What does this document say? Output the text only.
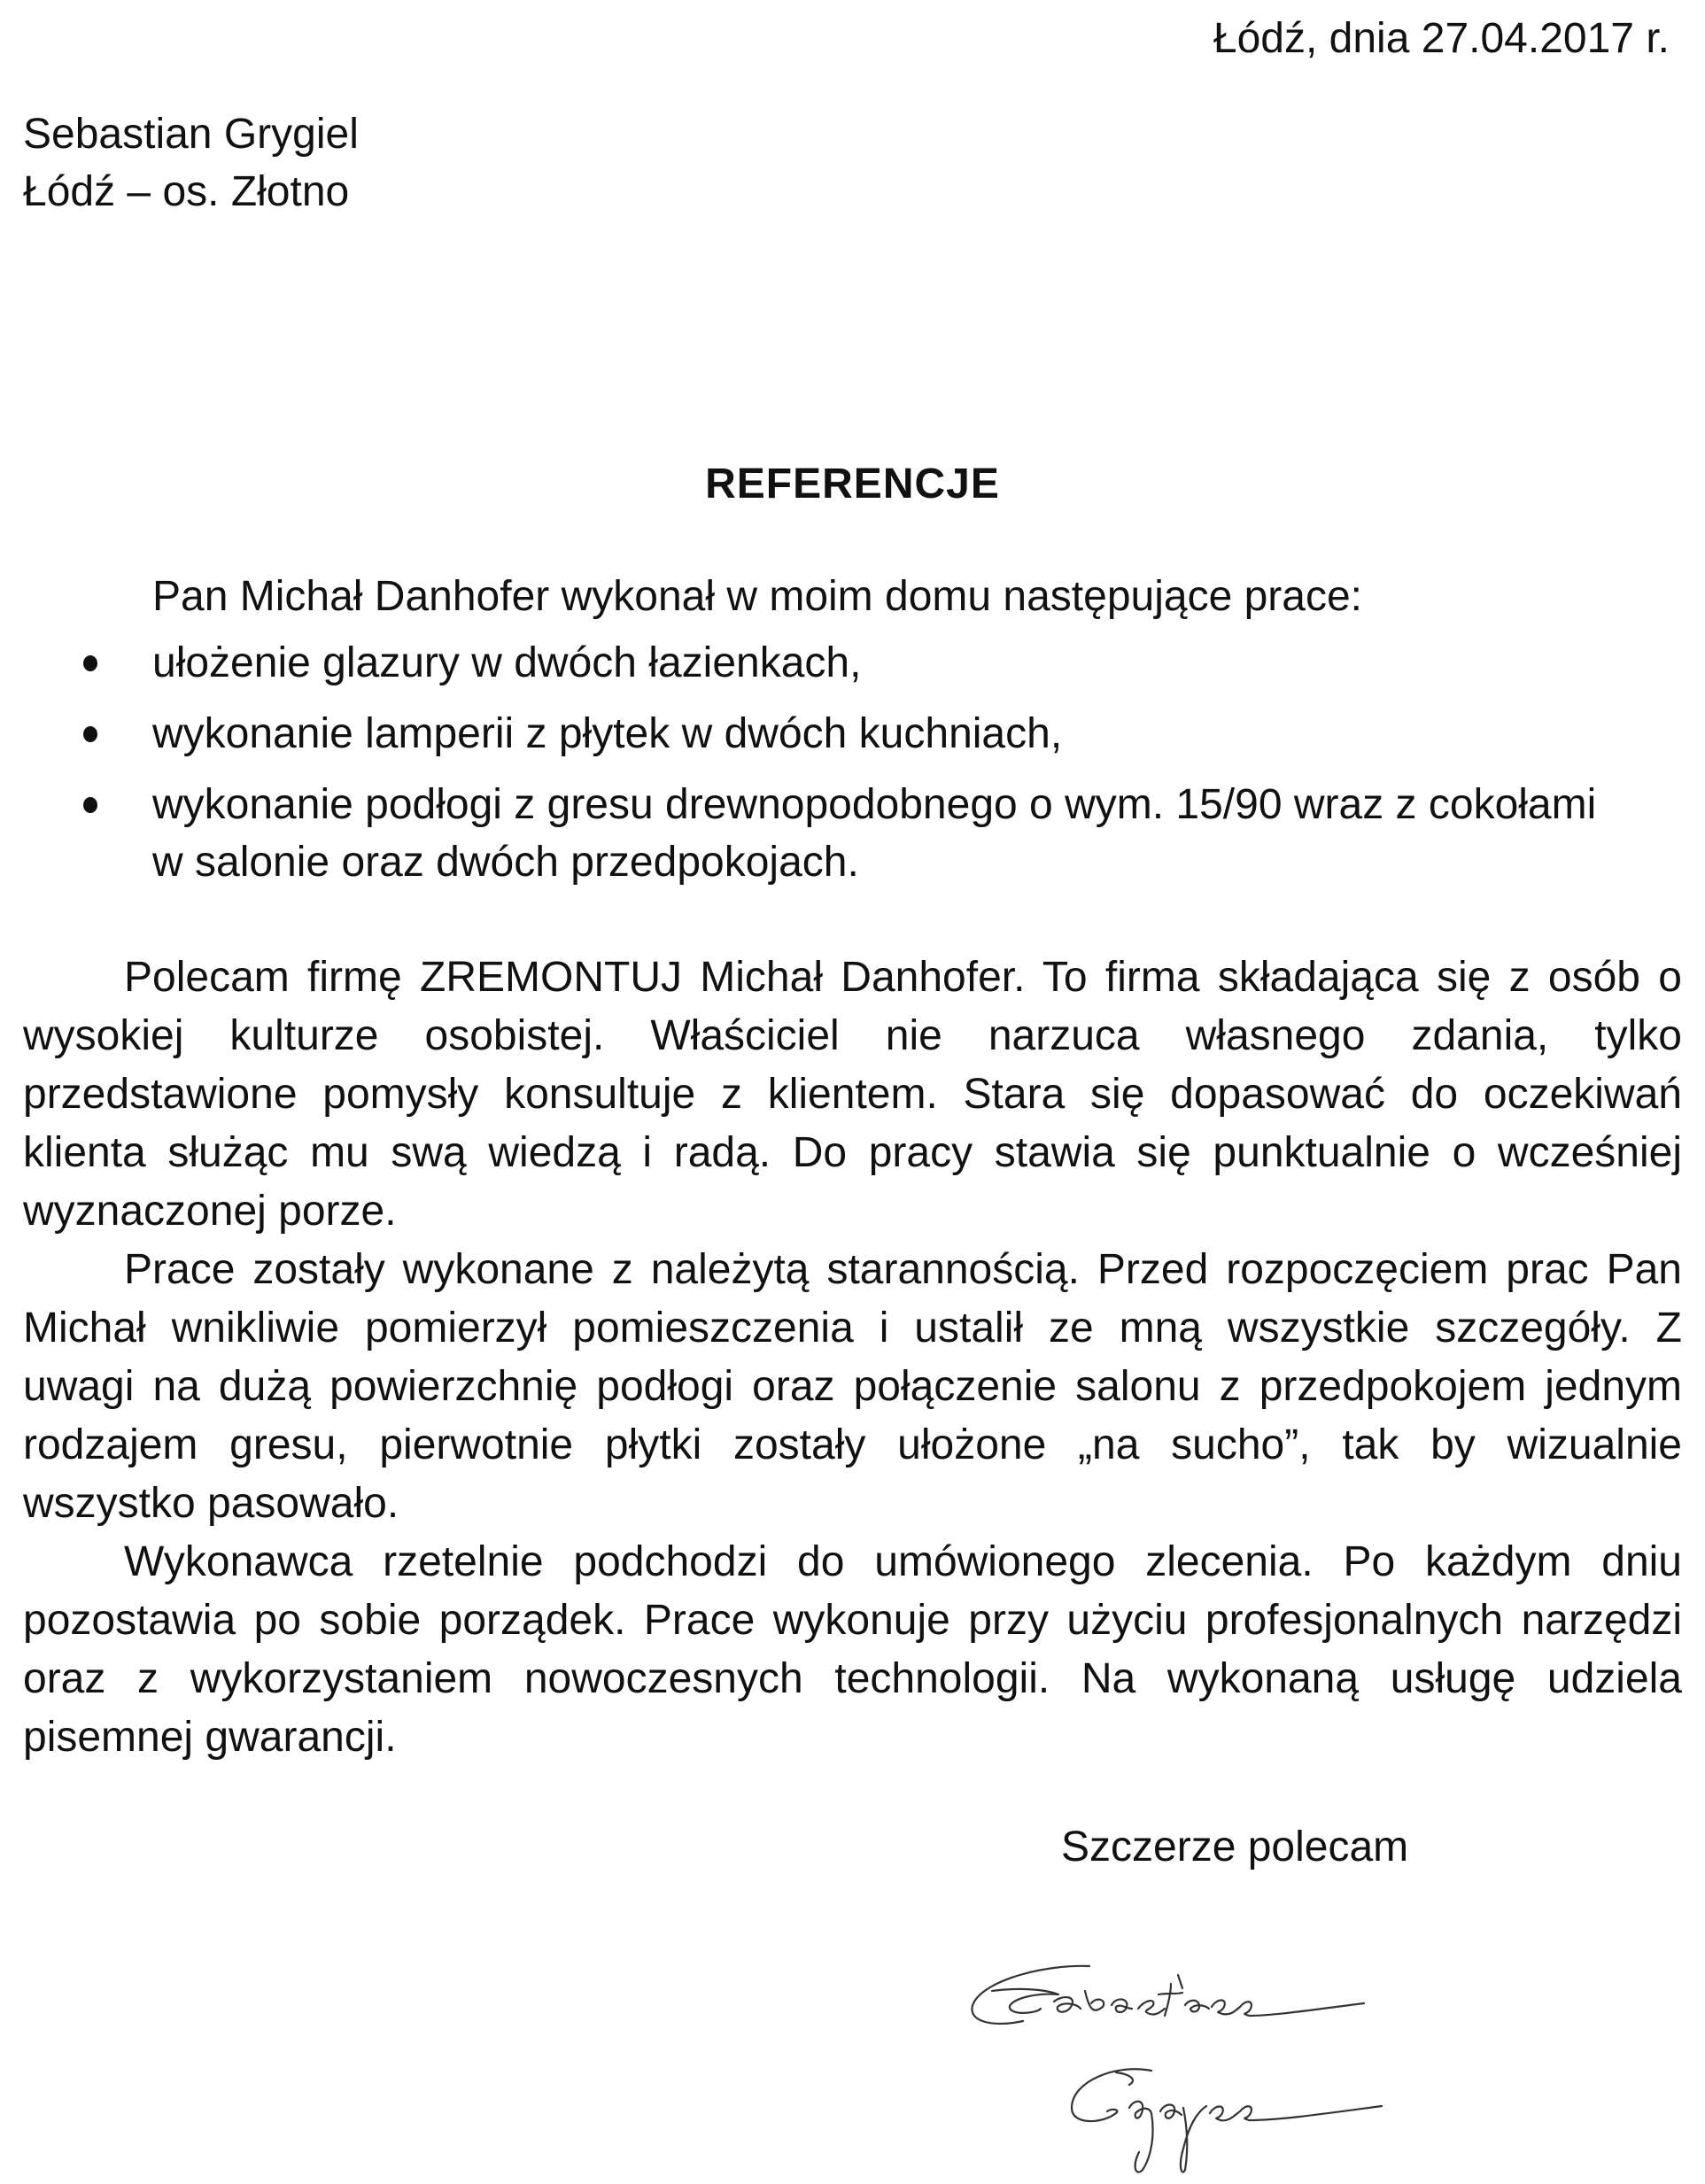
Łódź, dnia 27.04.2017 r.
Sebastian Grygiel
Łódź – os. Złotno
REFERENCJE
Pan Michał Danhofer wykonał w moim domu następujące prace:
ułożenie glazury w dwóch łazienkach,
wykonanie lamperii z płytek w dwóch kuchniach,
wykonanie podłogi z gresu drewnopodobnego o wym. 15/90 wraz z cokołami
w salonie oraz dwóch przedpokojach.
Polecam firmę ZREMONTUJ Michał Danhofer. To firma składająca się z osób o
wysokiej kulturze osobistej. Właściciel nie narzuca własnego zdania, tylko
przedstawione pomysły konsultuje z klientem. Stara się dopasować do oczekiwań
klienta służąc mu swą wiedzą i radą. Do pracy stawia się punktualnie o wcześniej
wyznaczonej porze.
Prace zostały wykonane z należytą starannością. Przed rozpoczęciem prac Pan
Michał wnikliwie pomierzył pomieszczenia i ustalił ze mną wszystkie szczegóły. Z
uwagi na dużą powierzchnię podłogi oraz połączenie salonu z przedpokojem jednym
rodzajem gresu, pierwotnie płytki zostały ułożone „na sucho”, tak by wizualnie
wszystko pasowało.
Wykonawca rzetelnie podchodzi do umówionego zlecenia. Po każdym dniu
pozostawia po sobie porządek. Prace wykonuje przy użyciu profesjonalnych narzędzi
oraz z wykorzystaniem nowoczesnych technologii. Na wykonaną usługę udziela
pisemnej gwarancji.
Szczerze polecam
